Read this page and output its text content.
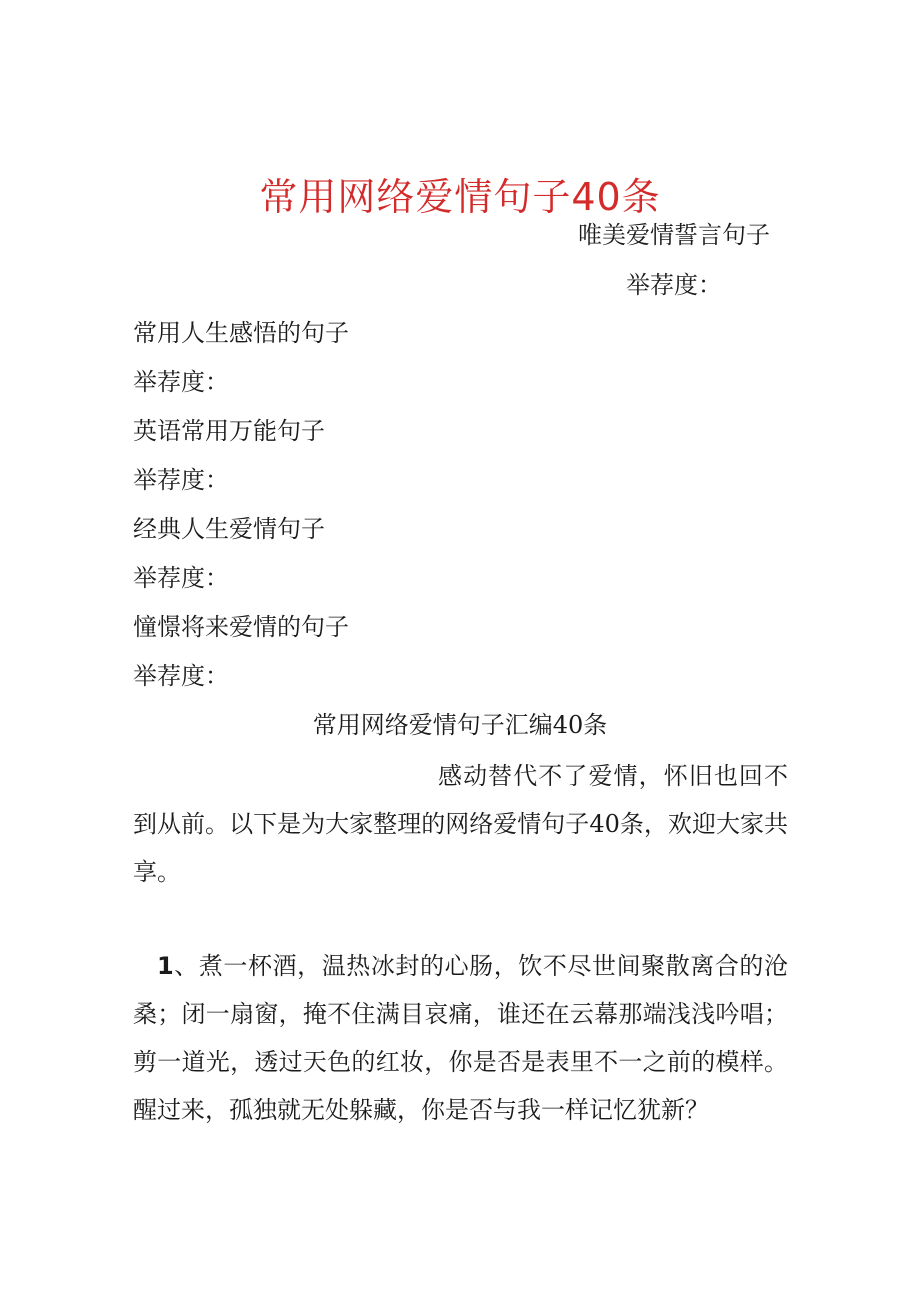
常用网络爱情句子40条
唯美爱情誓言句子
举荐度：
常用人生感悟的句子
举荐度：
英语常用万能句子
举荐度：
经典人生爱情句子
举荐度：
憧憬将来爱情的句子
举荐度：
常用网络爱情句子汇编40条

感动替代不了爱情，怀旧也回不到从前。以下是为大家整理的网络爱情句子40条，欢迎大家共享。

1、煮一杯酒，温热冰封的心肠，饮不尽世间聚散离合的沧桑；闭一扇窗，掩不住满目哀痛，谁还在云幕那端浅浅吟唱；剪一道光，透过天色的红妆，你是否是表里不一之前的模样。醒过来，孤独就无处躲藏，你是否与我一样记忆犹新？
